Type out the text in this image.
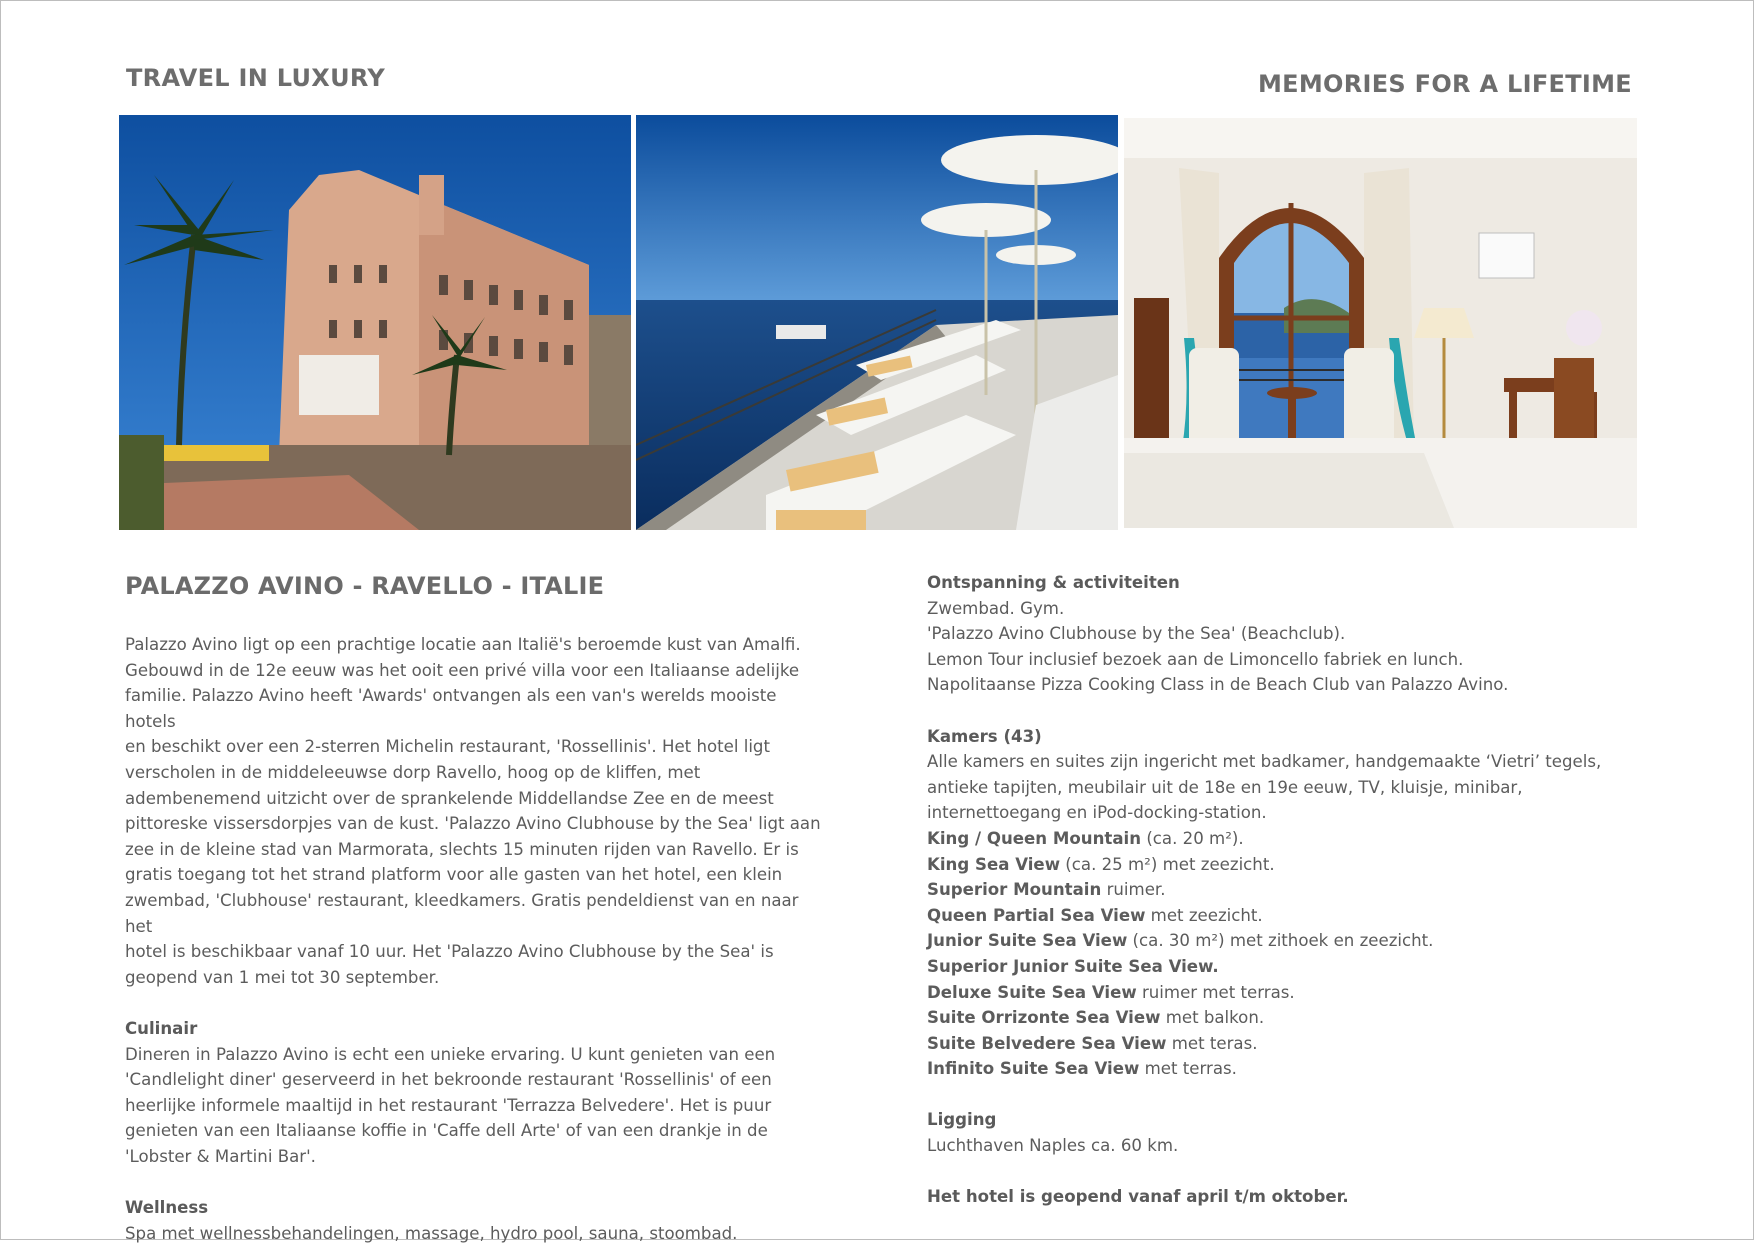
TRAVEL IN LUXURY	MEMORIES FOR A LIFETIME
PALAZZO AVINO - RAVELLO - ITALIE

Palazzo Avino ligt op een prachtige locatie aan Italië's beroemde kust van Amalfi.

Gebouwd in de 12e eeuw was het ooit een privé villa voor een Italiaanse adelijke

familie. Palazzo Avino heeft 'Awards' ontvangen als een van's werelds mooiste hotels

en beschikt over een 2-sterren Michelin restaurant, 'Rossellinis'. Het hotel ligt

verscholen in de middeleeuwse dorp Ravello, hoog op de kliffen, met

adembenemend uitzicht over de sprankelende Middellandse Zee en de meest

pittoreske vissersdorpjes van de kust. 'Palazzo Avino Clubhouse by the Sea' ligt aan

zee in de kleine stad van Marmorata, slechts 15 minuten rijden van Ravello. Er is

gratis toegang tot het strand platform voor alle gasten van het hotel, een klein

zwembad, 'Clubhouse' restaurant, kleedkamers. Gratis pendeldienst van en naar het

hotel is beschikbaar vanaf 10 uur. Het 'Palazzo Avino Clubhouse by the Sea' is

geopend van 1 mei tot 30 september.

Culinair

Dineren in Palazzo Avino is echt een unieke ervaring. U kunt genieten van een

'Candlelight diner' geserveerd in het bekroonde restaurant 'Rossellinis' of een

heerlijke informele maaltijd in het restaurant 'Terrazza Belvedere'. Het is puur

genieten van een Italiaanse koffie in 'Caffe dell Arte' of van een drankje in de

'Lobster & Martini Bar'.

Wellness

Spa met wellnessbehandelingen, massage, hydro pool, sauna, stoombad.

Ontspanning & activiteiten

Zwembad. Gym.

'Palazzo Avino Clubhouse by the Sea' (Beachclub).

Lemon Tour inclusief bezoek aan de Limoncello fabriek en lunch.

Napolitaanse Pizza Cooking Class in de Beach Club van Palazzo Avino.

Kamers (43)

Alle kamers en suites zijn ingericht met badkamer, handgemaakte ‘Vietri’ tegels,

antieke tapijten, meubilair uit de 18e en 19e eeuw, TV, kluisje, minibar,

internettoegang en iPod-docking-station.

King / Queen Mountain (ca. 20 m²).

King Sea View (ca. 25 m²) met zeezicht.

Superior Mountain ruimer.

Queen Partial Sea View met zeezicht.

Junior Suite Sea View (ca. 30 m²) met zithoek en zeezicht.

Superior Junior Suite Sea View.

Deluxe Suite Sea View ruimer met terras.

Suite Orrizonte Sea View met balkon.

Suite Belvedere Sea View met teras.

Infinito Suite Sea View met terras.

Ligging

Luchthaven Naples ca. 60 km.

Het hotel is geopend vanaf april t/m oktober.
